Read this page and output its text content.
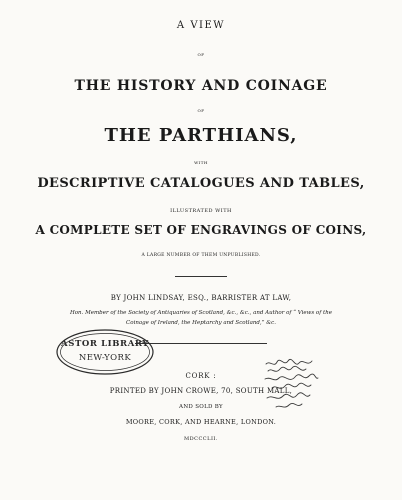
A VIEW
OF
THE HISTORY AND COINAGE
OF
THE PARTHIANS,
WITH
DESCRIPTIVE CATALOGUES AND TABLES,
ILLUSTRATED WITH
A COMPLETE SET OF ENGRAVINGS OF COINS,
A LARGE NUMBER OF THEM UNPUBLISHED.
BY JOHN LINDSAY, ESQ., BARRISTER AT LAW,
Hon. Member of the Society of Antiquaries of Scotland, &c., &c., and Author of “ Views of the
Coinage of Ireland, the Heptarchy and Scotland,” &c.
ASTOR LIBRARY
NEW-YORK
CORK :
PRINTED BY JOHN CROWE, 70, SOUTH MALL,
AND SOLD BY
MOORE, CORK, AND HEARNE, LONDON.
MDCCCLII.
